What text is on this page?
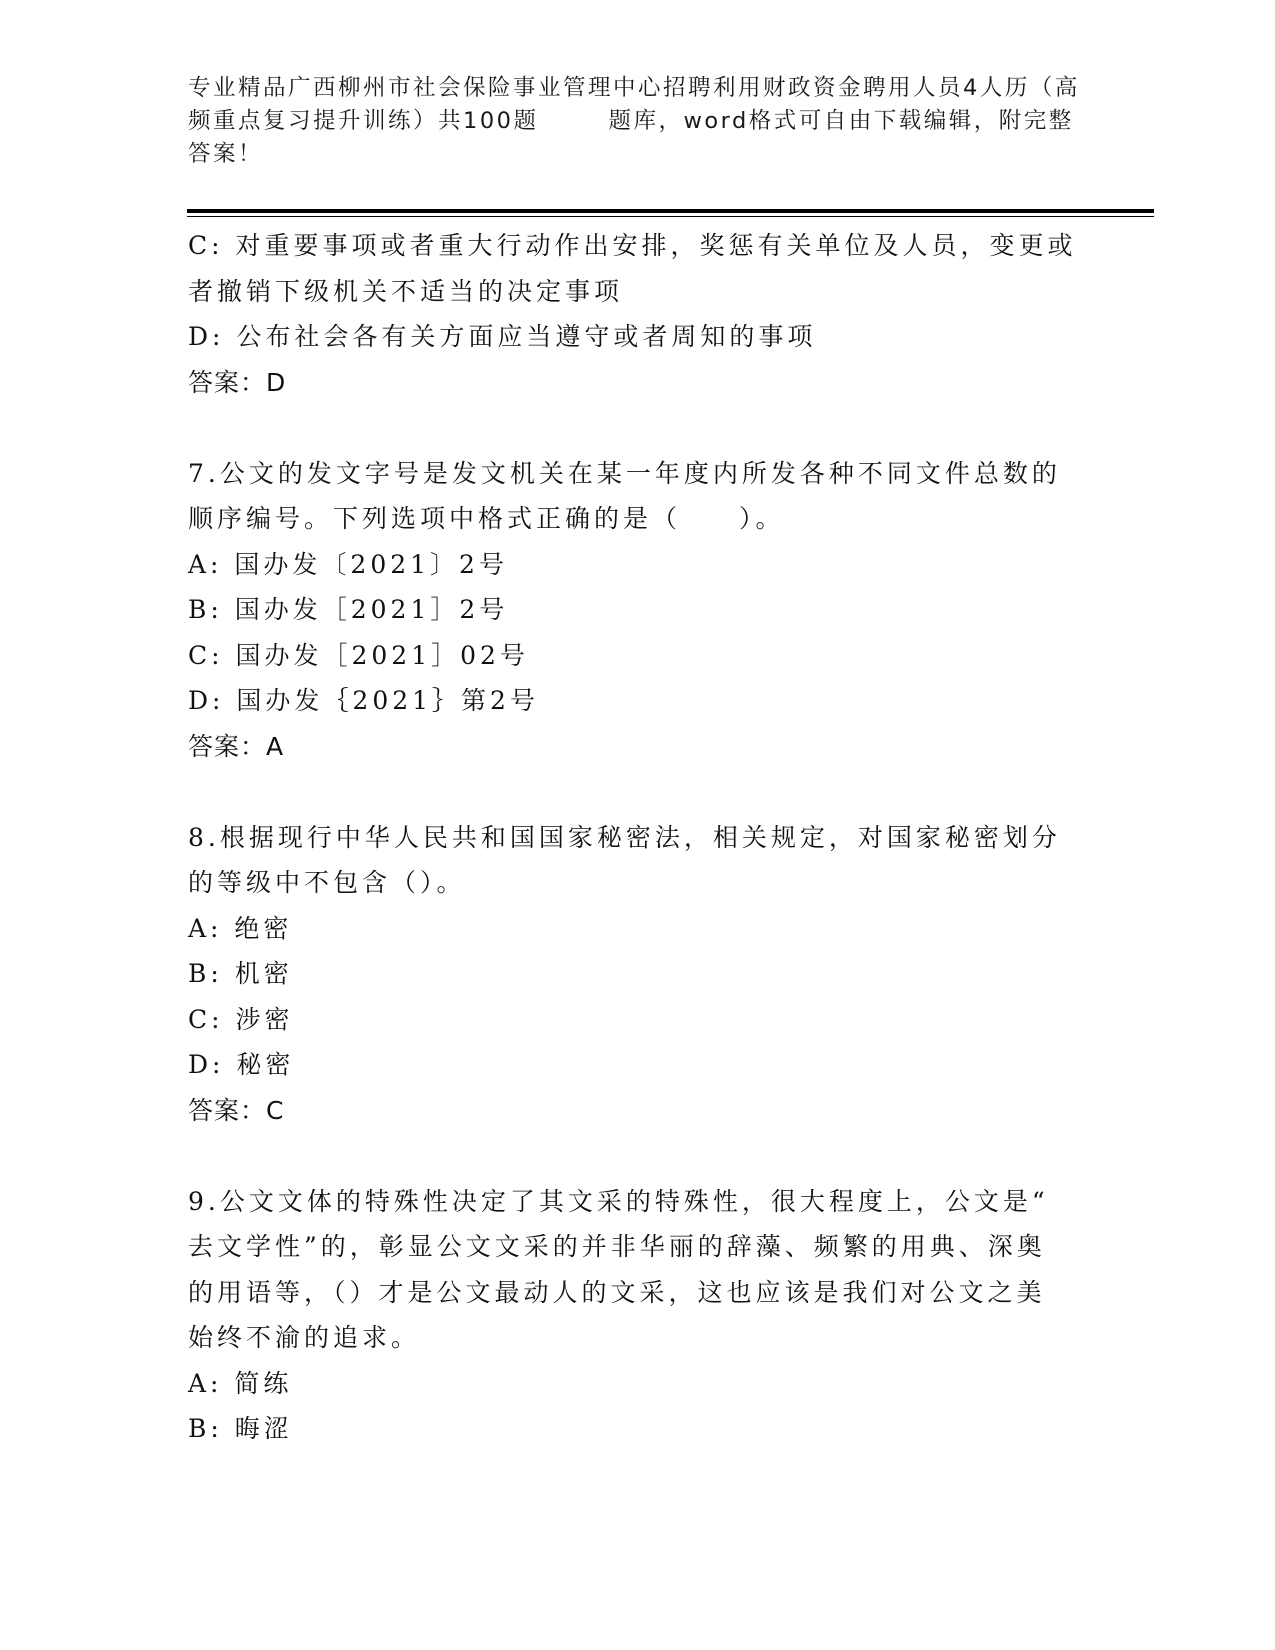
专业精品广西柳州市社会保险事业管理中心招聘利用财政资金聘用人员4人历（高
频重点复习提升训练）共100题	题库，word格式可自由下载编辑，附完整
答案！
C: 对重要事项或者重大行动作出安排，奖惩有关单位及人员，变更或
者撤销下级机关不适当的决定事项
D: 公布社会各有关方面应当遵守或者周知的事项
答案：D
7.公文的发文字号是发文机关在某一年度内所发各种不同文件总数的
顺序编号。下列选项中格式正确的是（　　）。
A: 国办发〔2021〕2号
B: 国办发［2021］2号
C: 国办发［2021］02号
D: 国办发｛2021｝第2号
答案：A
8.根据现行中华人民共和国国家秘密法，相关规定，对国家秘密划分
的等级中不包含（）。
A: 绝密
B: 机密
C: 涉密
D: 秘密
答案：C
9.公文文体的特殊性决定了其文采的特殊性，很大程度上，公文是“
去文学性”的，彰显公文文采的并非华丽的辞藻、频繁的用典、深奥
的用语等，（）才是公文最动人的文采，这也应该是我们对公文之美
始终不渝的追求。
A: 简练
B: 晦涩
